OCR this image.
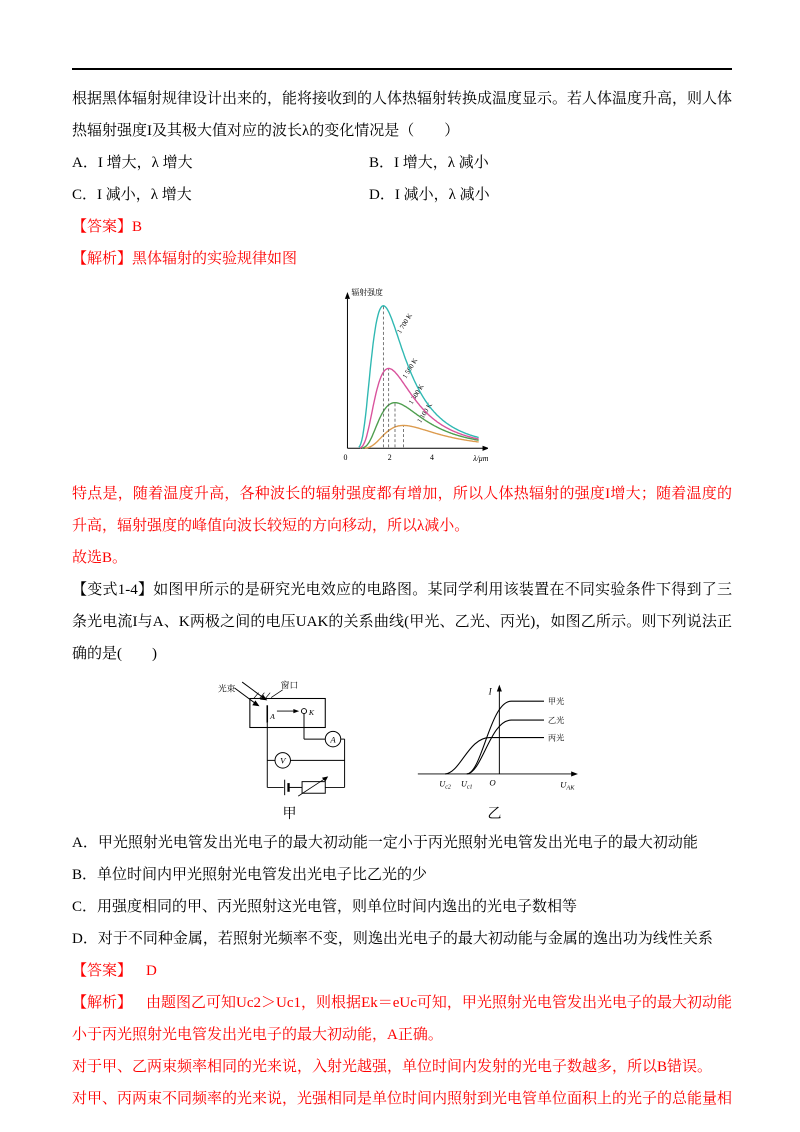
根据黑体辐射规律设计出来的，能将接收到的人体热辐射转换成温度显示。若人体温度升高，则人体热辐射强度I及其极大值对应的波长λ的变化情况是（　　）

A．I 增大，λ 增大	B．I 增大，λ 减小
C．I 减小，λ 增大	D．I 减小，λ 减小

【答案】B

【解析】黑体辐射的实验规律如图

辐射强度
λ/μm
0	2	4
1 100 K
1 300 K
1 500 K
1 700 K

特点是，随着温度升高，各种波长的辐射强度都有增加，所以人体热辐射的强度I增大；随着温度的升高，辐射强度的峰值向波长较短的方向移动，所以λ减小。

故选B。

【变式1-4】如图甲所示的是研究光电效应的电路图。某同学利用该装置在不同实验条件下得到了三条光电流I与A、K两极之间的电压UAK的关系曲线(甲光、乙光、丙光)，如图乙所示。则下列说法正确的是(　　)

光束	窗口
A	K
A
V
甲
I
$U_{AK}$
O
$U_{c2}$ $U_{c1}$
甲光
乙光
丙光
乙

A．甲光照射光电管发出光电子的最大初动能一定小于丙光照射光电管发出光电子的最大初动能

B．单位时间内甲光照射光电管发出光电子比乙光的少

C．用强度相同的甲、丙光照射这光电管，则单位时间内逸出的光电子数相等

D．对于不同种金属，若照射光频率不变，则逸出光电子的最大初动能与金属的逸出功为线性关系

【答案】 D

【解析】 由题图乙可知Uc2＞Uc1，则根据Ek＝eUc可知，甲光照射光电管发出光电子的最大初动能小于丙光照射光电管发出光电子的最大初动能，A正确。

对于甲、乙两束频率相同的光来说，入射光越强，单位时间内发射的光电子数越多，所以B错误。

对甲、丙两束不同频率的光来说，光强相同是单位时间内照射到光电管单位面积上的光子的总能量相
